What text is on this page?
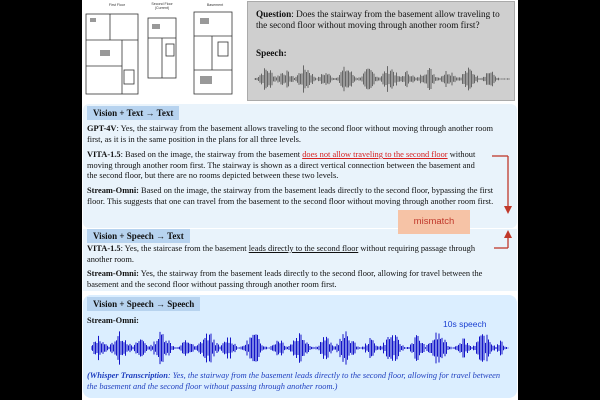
First Floor	Second Floor (Current)
Basement
Question: Does the stairway from the basement allow traveling to the second floor without moving through another room first?
Speech:
Vision + Text → Text
GPT-4V: Yes, the stairway from the basement allows traveling to the second floor without moving through another room first, as it is in the same position in the plans for all three levels.
VITA-1.5: Based on the image, the stairway from the basement does not allow traveling to the second floor without moving through another room first. The stairway is shown as a direct vertical connection between the basement and the second floor, but there are no rooms depicted between these two levels.
Stream-Omni: Based on the image, the stairway from the basement leads directly to the second floor, bypassing the first floor. This suggests that one can travel from the basement to the second floor without moving through another room first.
Vision + Speech → Text
VITA-1.5: Yes, the staircase from the basement leads directly to the second floor without requiring passage through another room.
Stream-Omni: Yes, the stairway from the basement leads directly to the second floor, allowing for travel between the basement and the second floor without passing through another room first.
Vision + Speech → Speech
Stream-Omni:	10s speech
(Whisper Transcription: Yes, the stairway from the basement leads directly to the second floor, allowing for travel between the basement and the second floor without passing through another room.)
mismatch
